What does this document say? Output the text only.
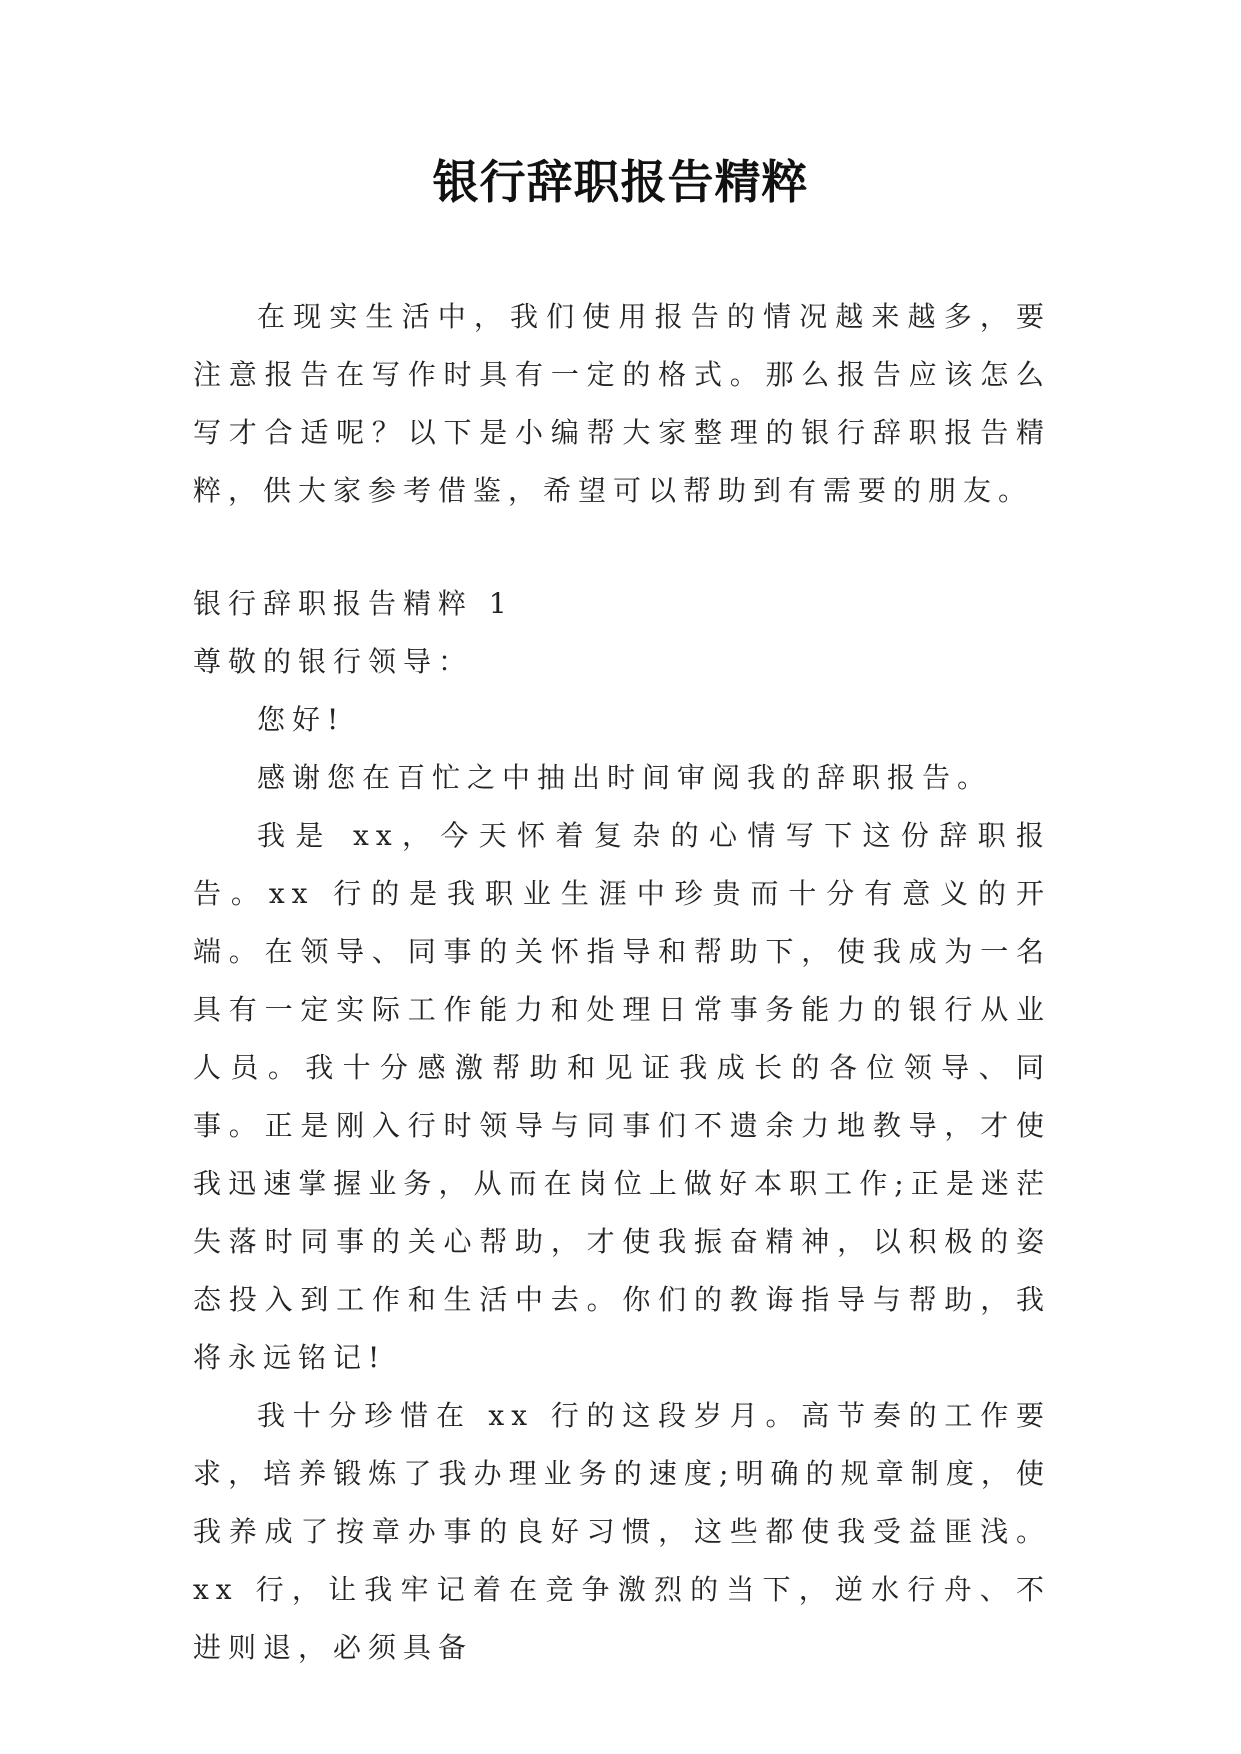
银行辞职报告精粹

在现实生活中，我们使用报告的情况越来越多，要注意报告在写作时具有一定的格式。那么报告应该怎么写才合适呢？以下是小编帮大家整理的银行辞职报告精粹，供大家参考借鉴，希望可以帮助到有需要的朋友。

银行辞职报告精粹 1

尊敬的银行领导：

您好!

感谢您在百忙之中抽出时间审阅我的辞职报告。

我是 xx，今天怀着复杂的心情写下这份辞职报告。xx 行的是我职业生涯中珍贵而十分有意义的开端。在领导、同事的关怀指导和帮助下，使我成为一名具有一定实际工作能力和处理日常事务能力的银行从业人员。我十分感激帮助和见证我成长的各位领导、同事。正是刚入行时领导与同事们不遗余力地教导，才使我迅速掌握业务，从而在岗位上做好本职工作;正是迷茫失落时同事的关心帮助，才使我振奋精神，以积极的姿态投入到工作和生活中去。你们的教诲指导与帮助，我将永远铭记!

我十分珍惜在 xx 行的这段岁月。高节奏的工作要求，培养锻炼了我办理业务的速度;明确的规章制度，使我养成了按章办事的良好习惯，这些都使我受益匪浅。xx 行，让我牢记着在竞争激烈的当下，逆水行舟、不进则退，必须具备
